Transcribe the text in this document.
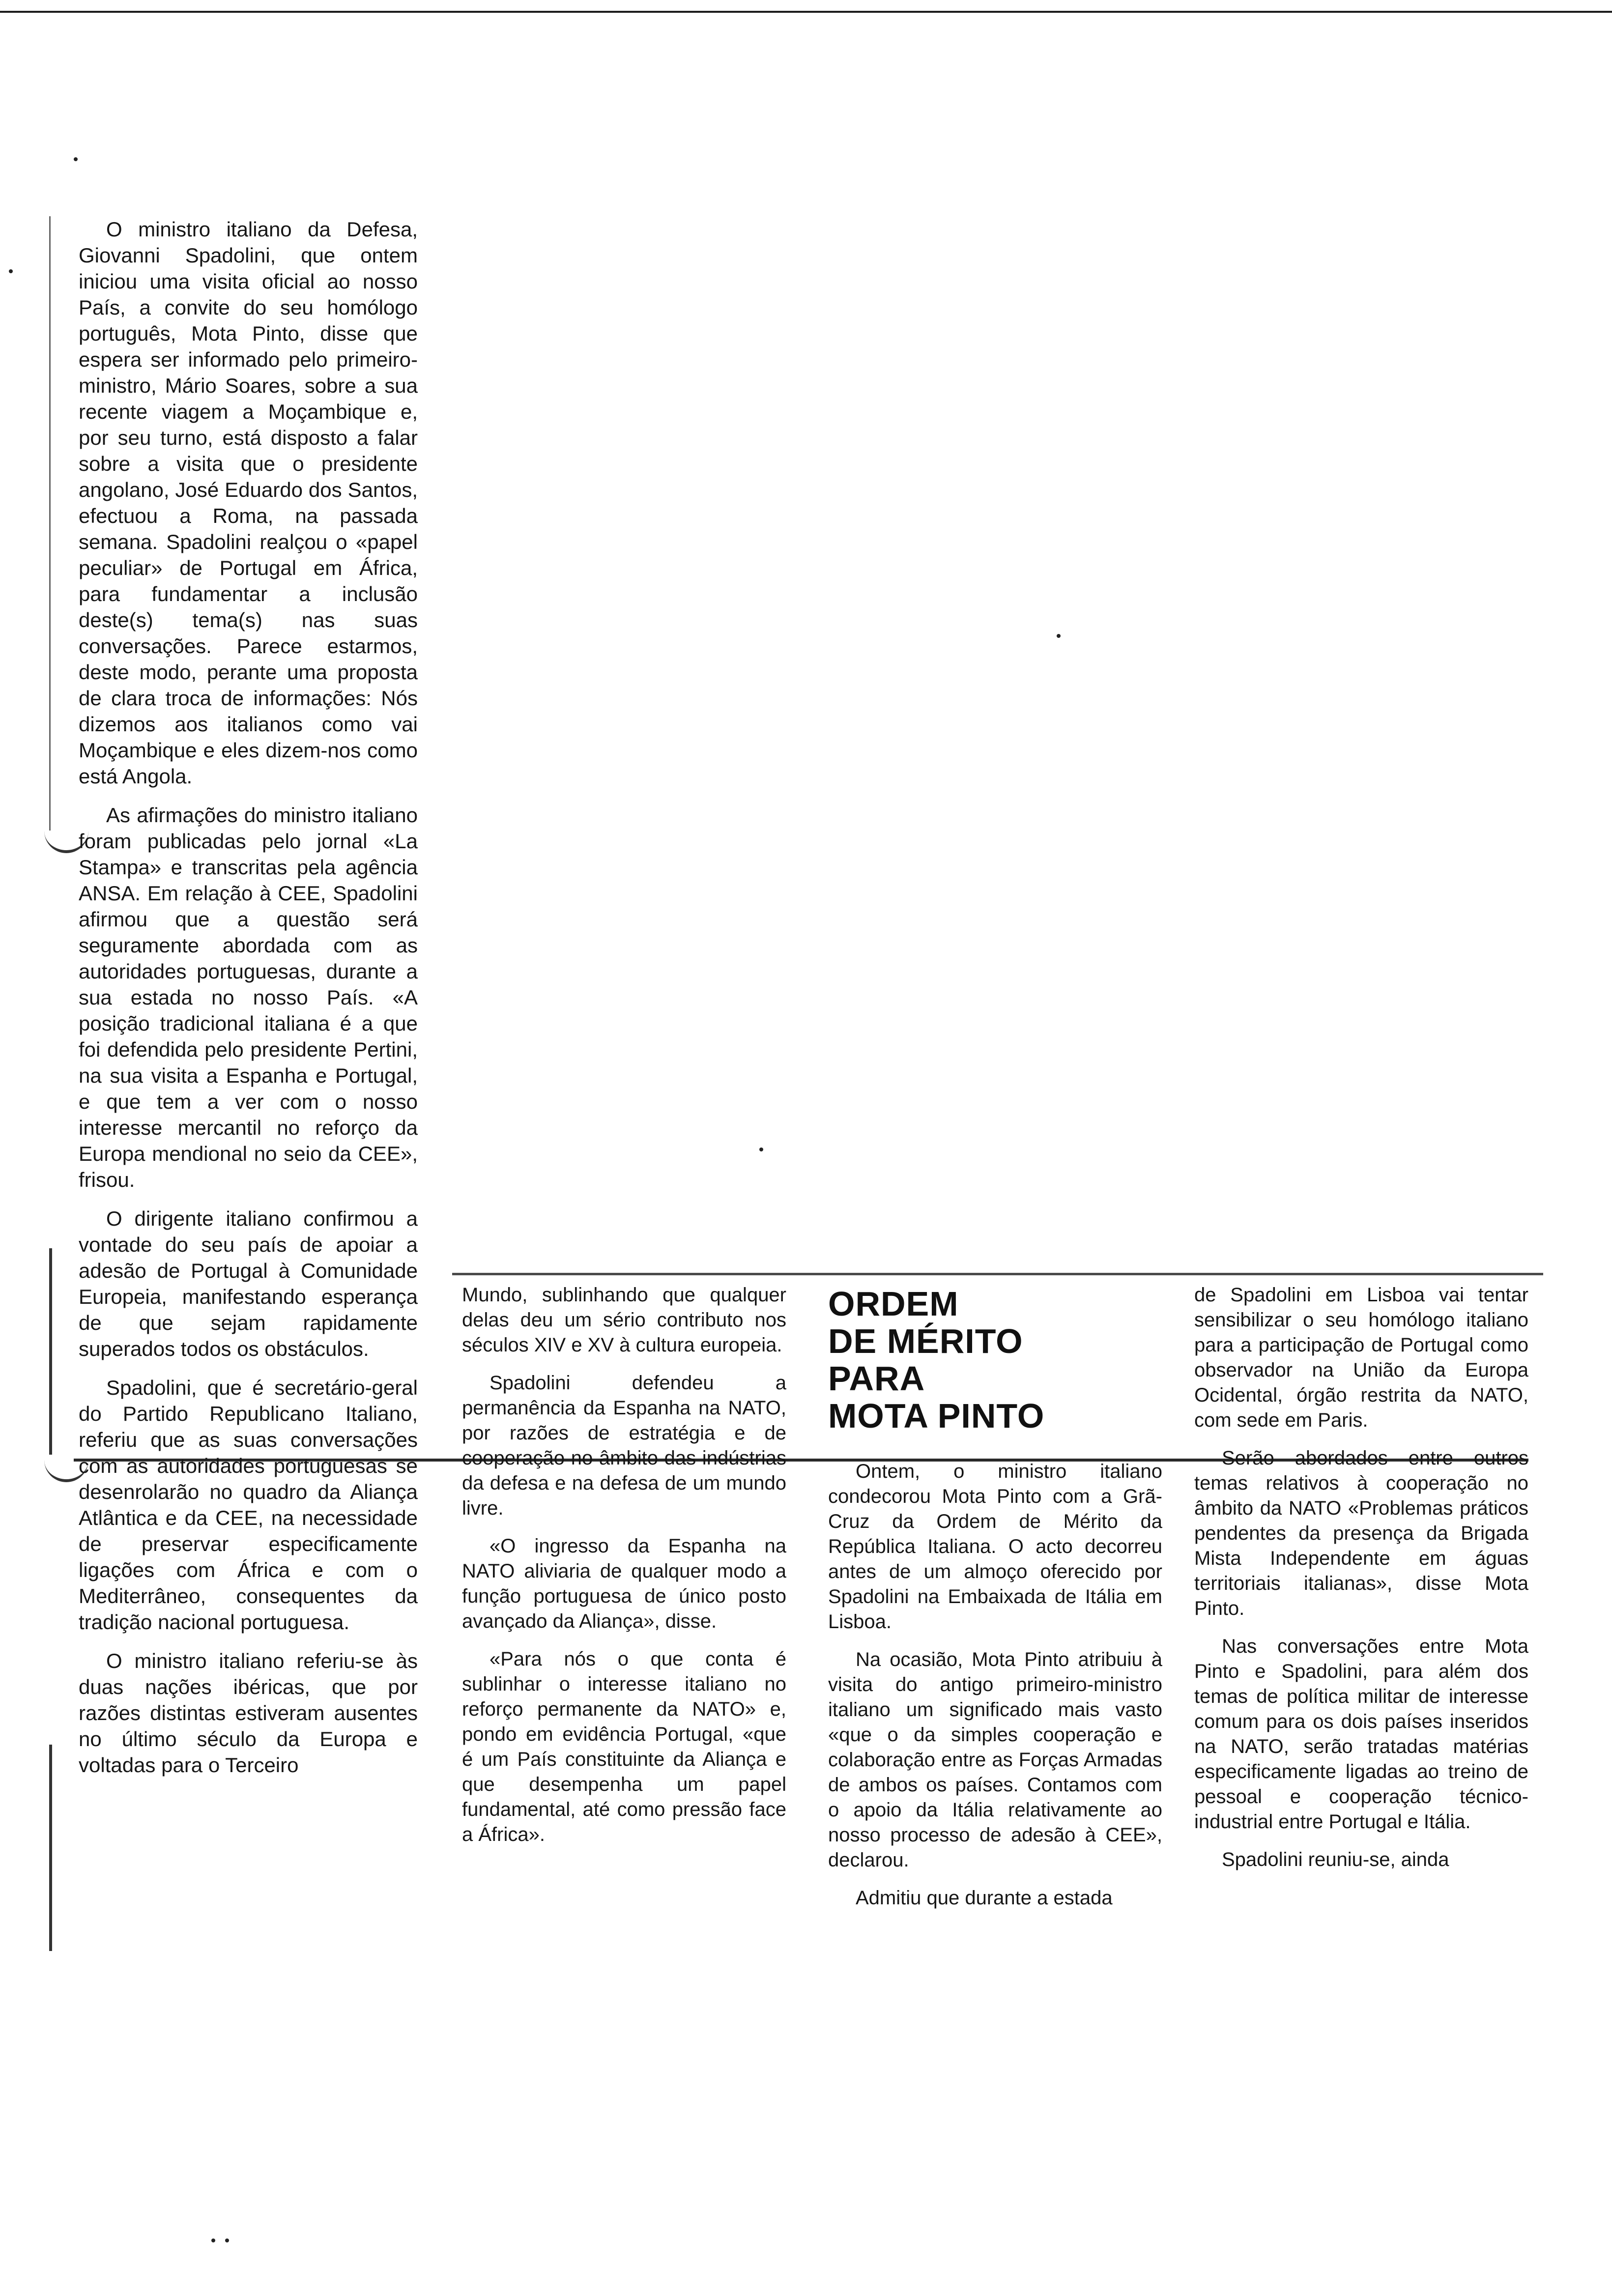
O ministro italiano da Defesa, Giovanni Spadolini, que ontem iniciou uma visita oficial ao nosso País, a convite do seu homólogo português, Mota Pinto, disse que espera ser informado pelo primeiro-ministro, Mário Soares, sobre a sua recente viagem a Moçambique e, por seu turno, está disposto a falar sobre a visita que o presidente angolano, José Eduardo dos Santos, efectuou a Roma, na passada semana. Spadolini realçou o «papel peculiar» de Portugal em África, para fundamentar a inclusão deste(s) tema(s) nas suas conversações. Parece estarmos, deste modo, perante uma proposta de clara troca de informações: Nós dizemos aos italianos como vai Moçambique e eles dizem-nos como está Angola.

As afirmações do ministro italiano foram publicadas pelo jornal «La Stampa» e transcritas pela agência ANSA. Em relação à CEE, Spadolini afirmou que a questão será seguramente abordada com as autoridades portuguesas, durante a sua estada no nosso País. «A posição tradicional italiana é a que foi defendida pelo presidente Pertini, na sua visita a Espanha e Portugal, e que tem a ver com o nosso interesse mercantil no reforço da Europa mendional no seio da CEE», frisou.

O dirigente italiano confirmou a vontade do seu país de apoiar a adesão de Portugal à Comunidade Europeia, manifestando esperança de que sejam rapidamente superados todos os obstáculos.

Spadolini, que é secretário-geral do Partido Republicano Italiano, referiu que as suas conversações com as autoridades portuguesas se desenrolarão no quadro da Aliança Atlântica e da CEE, na necessidade de preservar especificamente ligações com África e com o Mediterrâneo, consequentes da tradição nacional portuguesa.

O ministro italiano referiu-se às duas nações ibéricas, que por razões distintas estiveram ausentes no último século da Europa e voltadas para o Terceiro

Mundo, sublinhando que qualquer delas deu um sério contributo nos séculos XIV e XV à cultura europeia.

Spadolini defendeu a permanência da Espanha na NATO, por razões de estratégia e de cooperação no âmbito das indústrias da defesa e na defesa de um mundo livre.

«O ingresso da Espanha na NATO aliviaria de qualquer modo a função portuguesa de único posto avançado da Aliança», disse.

«Para nós o que conta é sublinhar o interesse italiano no reforço permanente da NATO» e, pondo em evidência Portugal, «que é um País constituinte da Aliança e que desempenha um papel fundamental, até como pressão face a África».

ORDEM
DE MÉRITO
PARA
MOTA PINTO

Ontem, o ministro italiano condecorou Mota Pinto com a Grã-Cruz da Ordem de Mérito da República Italiana. O acto decorreu antes de um almoço oferecido por Spadolini na Embaixada de Itália em Lisboa.

Na ocasião, Mota Pinto atribuiu à visita do antigo primeiro-ministro italiano um significado mais vasto «que o da simples cooperação e colaboração entre as Forças Armadas de ambos os países. Contamos com o apoio da Itália relativamente ao nosso processo de adesão à CEE», declarou.

Admitiu que durante a estada

de Spadolini em Lisboa vai tentar sensibilizar o seu homólogo italiano para a participação de Portugal como observador na União da Europa Ocidental, órgão restrita da NATO, com sede em Paris.

Serão abordados entre outros temas relativos à cooperação no âmbito da NATO «Problemas práticos pendentes da presença da Brigada Mista Independente em águas territoriais italianas», disse Mota Pinto.

Nas conversações entre Mota Pinto e Spadolini, para além dos temas de política militar de interesse comum para os dois países inseridos na NATO, serão tratadas matérias especificamente ligadas ao treino de pessoal e cooperação técnico-industrial entre Portugal e Itália.

Spadolini reuniu-se, ainda
